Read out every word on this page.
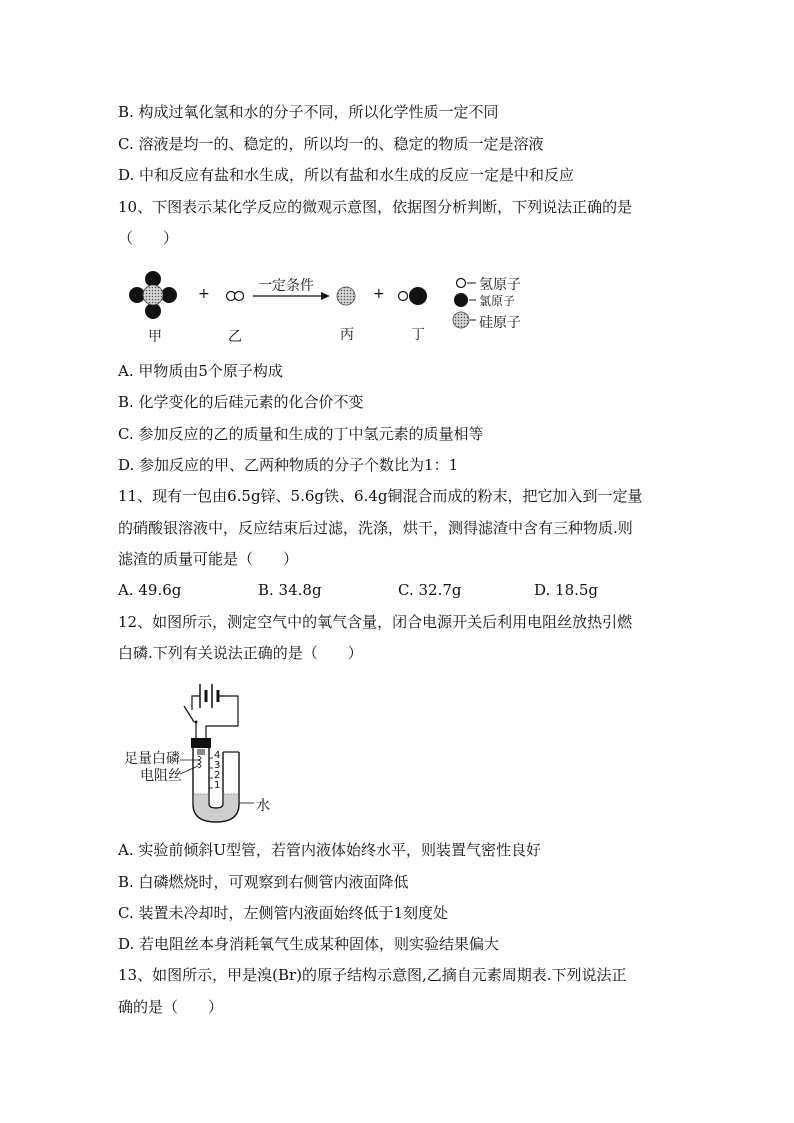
B. 构成过氧化氢和水的分子不同，所以化学性质一定不同
C. 溶液是均一的、稳定的，所以均一的、稳定的物质一定是溶液
D. 中和反应有盐和水生成，所以有盐和水生成的反应一定是中和反应
10、下图表示某化学反应的微观示意图，依据图分析判断，下列说法正确的是
（　　）
甲
+
乙
一定条件
丙
+
丁
氢原子
氯原子
硅原子
A. 甲物质由5个原子构成
B. 化学变化的后硅元素的化合价不变
C. 参加反应的乙的质量和生成的丁中氢元素的质量相等
D. 参加反应的甲、乙两种物质的分子个数比为1：1
11、现有一包由6.5g锌、5.6g铁、6.4g铜混合而成的粉末，把它加入到一定量
的硝酸银溶液中，反应结束后过滤，洗涤，烘干，测得滤渣中含有三种物质.则
滤渣的质量可能是（　　）
A. 49.6g	B. 34.8g	C. 32.7g	D. 18.5g
12、如图所示，测定空气中的氧气含量，闭合电源开关后利用电阻丝放热引燃
白磷.下列有关说法正确的是（　　）
足量白磷
电阻丝
水
4
3
2
1
A. 实验前倾斜U型管，若管内液体始终水平，则装置气密性良好
B. 白磷燃烧时，可观察到右侧管内液面降低
C. 装置未冷却时，左侧管内液面始终低于1刻度处
D. 若电阻丝本身消耗氧气生成某种固体，则实验结果偏大
13、如图所示，甲是溴(Br)的原子结构示意图,乙摘自元素周期表.下列说法正
确的是（　　）
